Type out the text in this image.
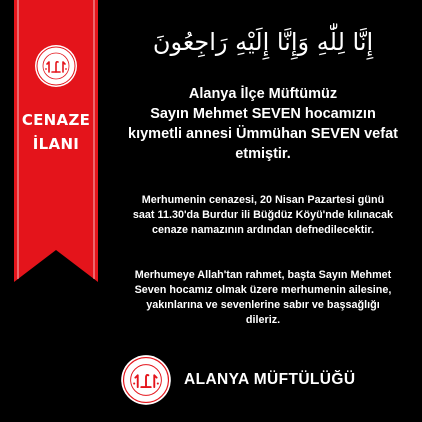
CENAZE
İLANI
إِنَّا لِلّٰهِ وَإِنَّا إِلَيْهِ رَاجِعُونَ
Alanya İlçe Müftümüz
Sayın Mehmet SEVEN hocamızın
kıymetli annesi Ümmühan SEVEN vefat
etmiştir.
Merhumenin cenazesi, 20 Nisan Pazartesi günü
saat 11.30'da Burdur ili Büğdüz Köyü'nde kılınacak
cenaze namazının ardından defnedilecektir.
Merhumeye Allah'tan rahmet, başta Sayın Mehmet
Seven hocamız olmak üzere merhumenin ailesine,
yakınlarına ve sevenlerine sabır ve başsağlığı
dileriz.
ALANYA MÜFTÜLÜĞÜ
